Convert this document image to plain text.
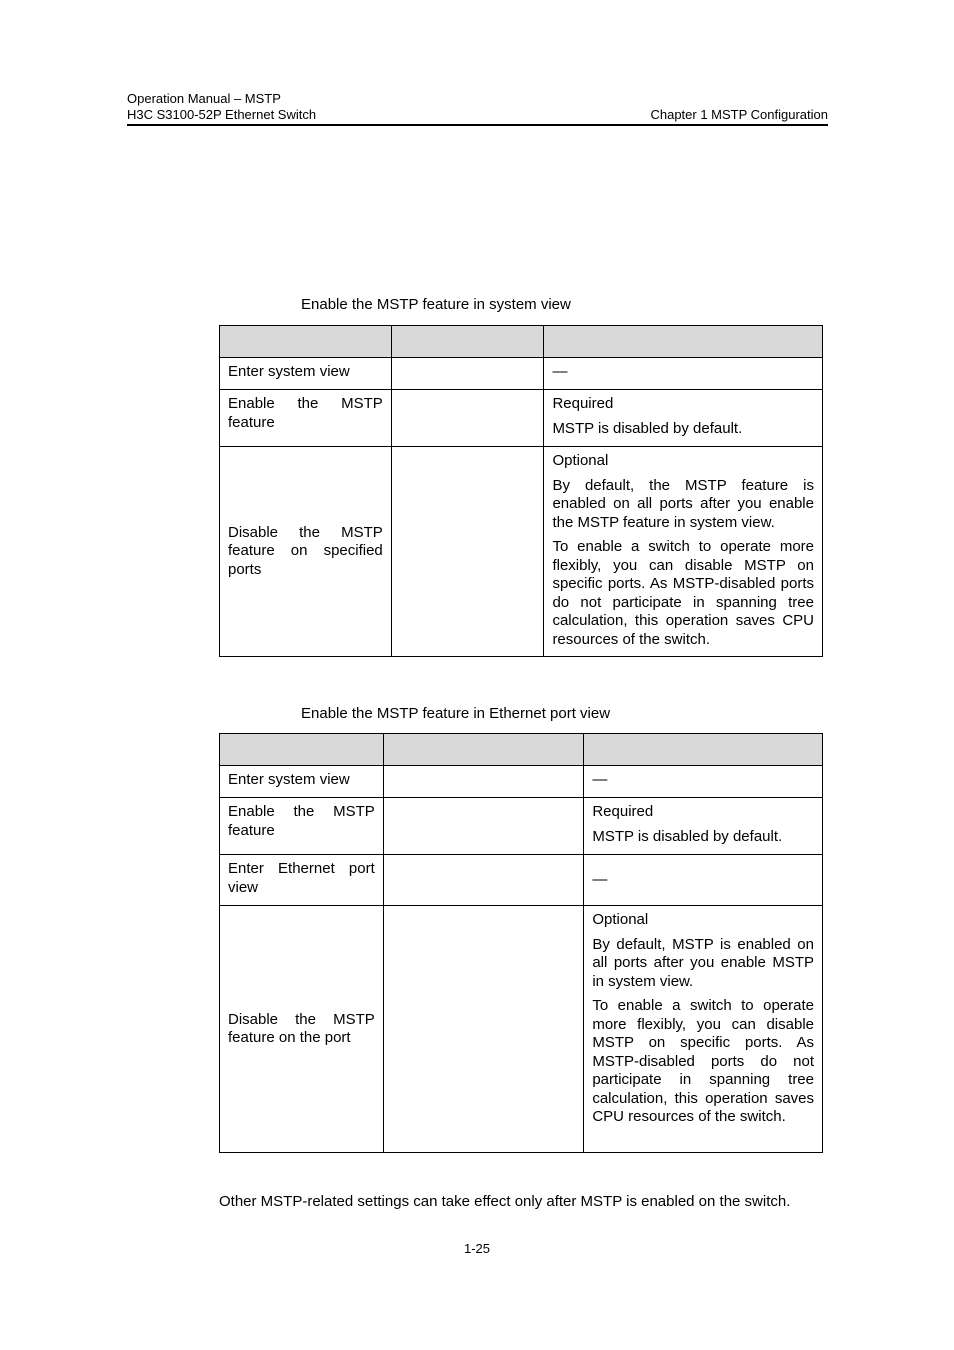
Operation Manual – MSTP
H3C S3100-52P Ethernet Switch	Chapter 1 MSTP Configuration
Enable the MSTP feature in system view

Enter system view		—

Enable the MSTP feature		Required

MSTP is disabled by default.

Disable the MSTP feature on specified ports		Optional

By default, the MSTP feature is enabled on all ports after you enable the MSTP feature in system view.

To enable a switch to operate more flexibly, you can disable MSTP on specific ports. As MSTP-disabled ports do not participate in spanning tree calculation, this operation saves CPU resources of the switch.

Enable the MSTP feature in Ethernet port view

Enter system view		—

Enable the MSTP feature		Required

MSTP is disabled by default.

Enter Ethernet port view		—

Disable the MSTP feature on the port		Optional

By default, MSTP is enabled on all ports after you enable MSTP in system view.

To enable a switch to operate more flexibly, you can disable MSTP on specific ports. As MSTP-disabled ports do not participate in spanning tree calculation, this operation saves CPU resources of the switch.

Other MSTP-related settings can take effect only after MSTP is enabled on the switch.
1-25
